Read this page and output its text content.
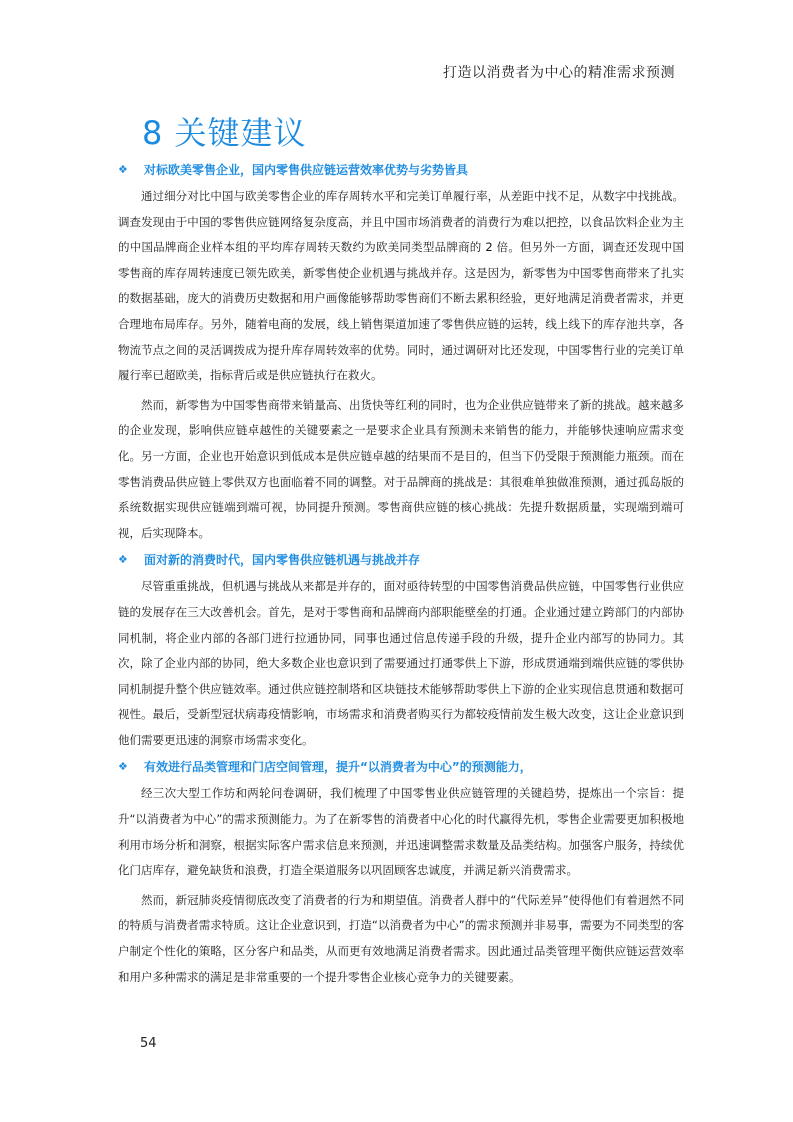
打造以消费者为中心的精准需求预测
8 关键建议
❖	对标欧美零售企业，国内零售供应链运营效率优势与劣势皆具

通过细分对比中国与欧美零售企业的库存周转水平和完美订单履行率，从差距中找不足，从数字中找挑战。调查发现由于中国的零售供应链网络复杂度高，并且中国市场消费者的消费行为难以把控，以食品饮料企业为主的中国品牌商企业样本组的平均库存周转天数约为欧美同类型品牌商的 2 倍。但另外一方面，调查还发现中国零售商的库存周转速度已领先欧美，新零售使企业机遇与挑战并存。这是因为，新零售为中国零售商带来了扎实的数据基础，庞大的消费历史数据和用户画像能够帮助零售商们不断去累积经验，更好地满足消费者需求，并更合理地布局库存。另外，随着电商的发展，线上销售渠道加速了零售供应链的运转，线上线下的库存池共享，各物流节点之间的灵活调拨成为提升库存周转效率的优势。同时，通过调研对比还发现，中国零售行业的完美订单履行率已超欧美，指标背后或是供应链执行在救火。

然而，新零售为中国零售商带来销量高、出货快等红利的同时，也为企业供应链带来了新的挑战。越来越多的企业发现，影响供应链卓越性的关键要素之一是要求企业具有预测未来销售的能力，并能够快速响应需求变化。另一方面，企业也开始意识到低成本是供应链卓越的结果而不是目的，但当下仍受限于预测能力瓶颈。而在零售消费品供应链上零供双方也面临着不同的调整。对于品牌商的挑战是：其很难单独做准预测，通过孤岛版的系统数据实现供应链端到端可视，协同提升预测。零售商供应链的核心挑战：先提升数据质量，实现端到端可视，后实现降本。

❖	面对新的消费时代，国内零售供应链机遇与挑战并存

尽管重重挑战，但机遇与挑战从来都是并存的，面对亟待转型的中国零售消费品供应链，中国零售行业供应链的发展存在三大改善机会。首先，是对于零售商和品牌商内部职能壁垒的打通。企业通过建立跨部门的内部协同机制，将企业内部的各部门进行拉通协同，同事也通过信息传递手段的升级，提升企业内部写的协同力。其次，除了企业内部的协同，绝大多数企业也意识到了需要通过打通零供上下游，形成贯通端到端供应链的零供协同机制提升整个供应链效率。通过供应链控制塔和区块链技术能够帮助零供上下游的企业实现信息贯通和数据可视性。最后，受新型冠状病毒疫情影响，市场需求和消费者购买行为都较疫情前发生极大改变，这让企业意识到他们需要更迅速的洞察市场需求变化。

❖	有效进行品类管理和门店空间管理，提升“以消费者为中心”的预测能力，

经三次大型工作坊和两轮问卷调研，我们梳理了中国零售业供应链管理的关键趋势，提炼出一个宗旨：提升“以消费者为中心”的需求预测能力。为了在新零售的消费者中心化的时代赢得先机，零售企业需要更加积极地利用市场分析和洞察，根据实际客户需求信息来预测，并迅速调整需求数量及品类结构。加强客户服务，持续优化门店库存，避免缺货和浪费，打造全渠道服务以巩固顾客忠诚度，并满足新兴消费需求。

然而，新冠肺炎疫情彻底改变了消费者的行为和期望值。消费者人群中的“代际差异”使得他们有着迥然不同的特质与消费者需求特质。这让企业意识到，打造“以消费者为中心”的需求预测并非易事，需要为不同类型的客户制定个性化的策略，区分客户和品类，从而更有效地满足消费者需求。因此通过品类管理平衡供应链运营效率和用户多种需求的满足是非常重要的一个提升零售企业核心竞争力的关键要素。

54
